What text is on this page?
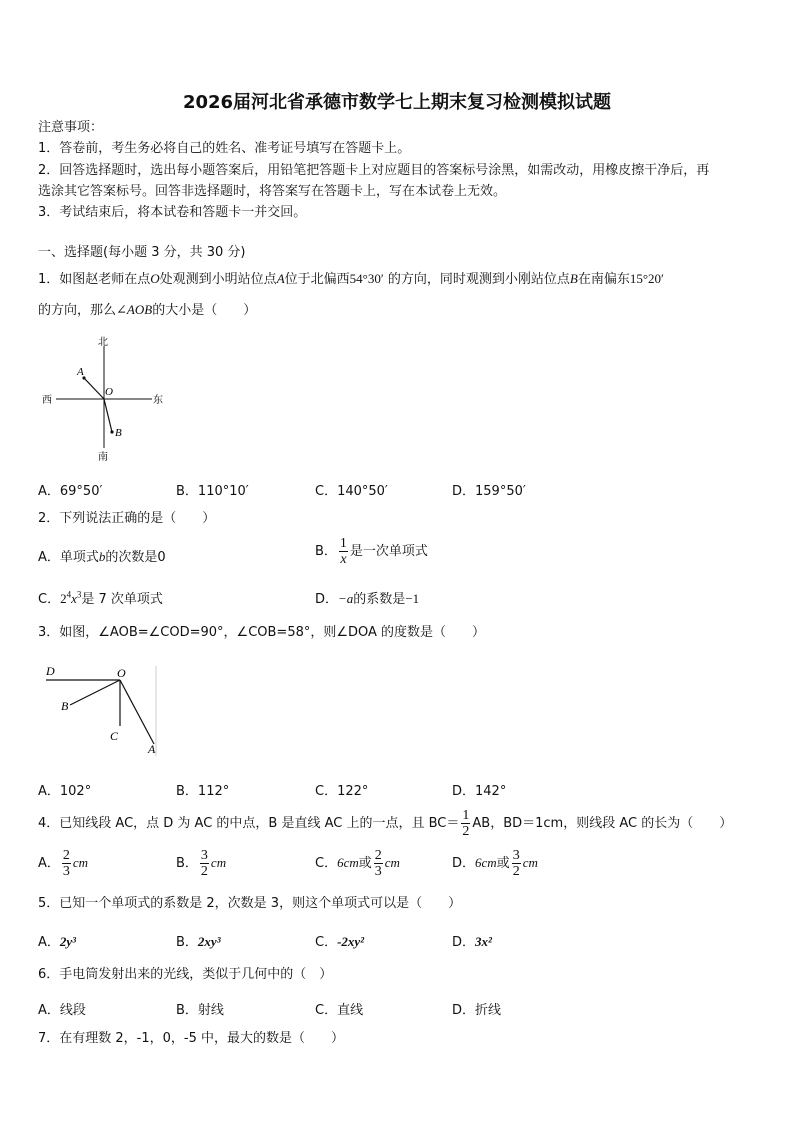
2026届河北省承德市数学七上期末复习检测模拟试题
注意事项：
1．答卷前，考生务必将自己的姓名、准考证号填写在答题卡上。
2．回答选择题时，选出每小题答案后，用铅笔把答题卡上对应题目的答案标号涂黑，如需改动，用橡皮擦干净后，再
选涂其它答案标号。回答非选择题时，将答案写在答题卡上，写在本试卷上无效。
3．考试结束后，将本试卷和答题卡一并交回。
一、选择题(每小题 3 分，共 30 分)
1．如图赵老师在点O处观测到小明站位点A位于北偏西54°30′ 的方向，同时观测到小刚站位点B在南偏东15°20′
的方向，那么∠AOB的大小是（　　）
北
南
西	东
A
O
B
A．69°50′	B．110°10′	C．140°50′	D．159°50′
2．下列说法正确的是（　　）
A．单项式b的次数是0	B． $\frac{1}{x}$ 是一次单项式
C．$2^4x^3$是 7 次单项式	D．−a的系数是−1
3．如图，∠AOB=∠COD=90°，∠COB=58°，则∠DOA 的度数是（　　）
D	O
B
C
A
A．102°	B．112°	C．122°	D．142°
4．已知线段 AC，点 D 为 AC 的中点，B 是直线 AC 上的一点，且 $BC= \frac{1}{2}$ AB，BD＝1cm，则线段 AC 的长为（　　）
A． $\frac{2}{3}$ cm	B． $\frac{3}{2}$ cm	C．6cm或 $\frac{2}{3}$ cm	D．6cm或 $\frac{3}{2}$ cm
5．已知一个单项式的系数是 2，次数是 3，则这个单项式可以是（　　）
A．2y³	B．2xy³	C．-2xy²	D．3x²
6．手电筒发射出来的光线，类似于几何中的（　）
A．线段	B．射线	C．直线	D．折线
7．在有理数 2，-1，0，-5 中，最大的数是（　　）
